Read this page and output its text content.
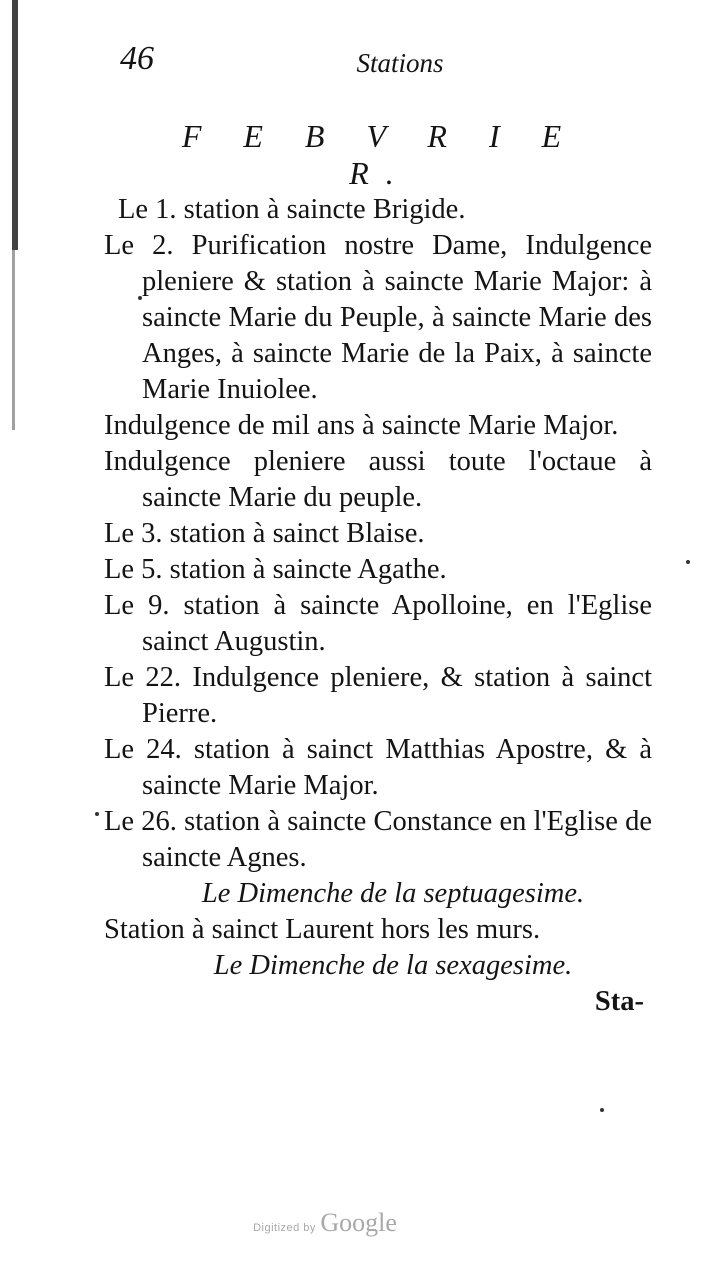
46	Stations
F E B V R I E R.

Le 1. station à saincte Brigide.

Le 2. Purification nostre Dame, Indulgence pleniere & station à saincte Marie Major: à saincte Marie du Peuple, à saincte Marie des Anges, à saincte Marie de la Paix, à saincte Marie Inuiolee.

Indulgence de mil ans à saincte Marie Major.

Indulgence pleniere aussi toute l'octaue à saincte Marie du peuple.

Le 3. station à sainct Blaise.

Le 5. station à saincte Agathe.

Le 9. station à saincte Apolloine, en l'Eglise sainct Augustin.

Le 22. Indulgence pleniere, & station à sainct Pierre.

Le 24. station à sainct Matthias Apostre, & à saincte Marie Major.

Le 26. station à saincte Constance en l'Eglise de saincte Agnes.

Le Dimenche de la septuagesime.

Station à sainct Laurent hors les murs.

Le Dimenche de la sexagesime.

Sta-

Digitized by Google
